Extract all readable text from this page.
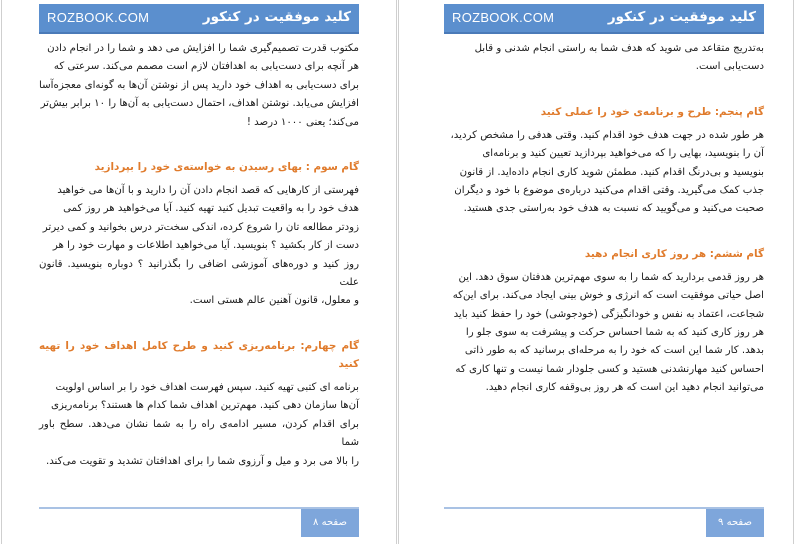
ROZBOOK.COM	کلید موفقیت در کنکور

مکتوب قدرت تصمیم‌گیری شما را افزایش می دهد و شما را در انجام دادن

هر آنچه برای دست‌یابی به اهدافتان لازم است مصمم می‌کند. سرعتی که

برای دست‌یابی به اهداف خود دارید پس از نوشتن آن‌ها به گونه‌ای معجزه‌آسا

افزایش می‌یابد. نوشتن اهداف، احتمال دست‌یابی به آن‌ها را ۱۰ برابر بیش‌تر

می‌کند؛ یعنی ۱۰۰۰ درصد !

گام سوم : بهای رسیدن به خواسته‌ی خود را بپردازید

فهرستی از کارهایی که قصد انجام دادن آن را دارید و با آن‌ها می خواهید

هدف خود را به واقعیت تبدیل کنید تهیه کنید. آیا می‌خواهید هر روز کمی

زودتر مطالعه تان را شروع کرده، اندکی سخت‌تر درس بخوانید و کمی دیرتر

دست از کار بکشید ؟ بنویسید. آیا می‌خواهید اطلاعات و مهارت خود را هر

روز کنید و دوره‌های آموزشی اضافی را بگذرانید ؟ دوباره بنویسید. قانون علت

و معلول، قانون آهنین عالم هستی است.

گام چهارم: برنامه‌ریزی کنید و طرح کامل اهداف خود را تهیه کنید

برنامه ای کتبی تهیه کنید. سپس فهرست اهداف خود را بر اساس اولویت

آن‌ها سازمان دهی کنید. مهم‌ترین اهداف شما کدام ها هستند؟ برنامه‌ریزی

برای اقدام کردن، مسیر ادامه‌ی راه را به شما نشان می‌دهد. سطح باور شما

را بالا می برد و میل و آرزوی شما را برای اهدافتان تشدید و تقویت می‌کند.

صفحه ۸
ROZBOOK.COM	کلید موفقیت در کنکور

به‌تدریج متقاعد می شوید که هدف شما به راستی انجام شدنی و قابل

دست‌یابی است.

گام پنجم: طرح و برنامه‌ی خود را عملی کنید

هر طور شده در جهت هدف خود اقدام کنید. وقتی هدفی را مشخص کردید،

آن را بنویسید، بهایی را که می‌خواهید بپردازید تعیین کنید و برنامه‌ای

بنویسید و بی‌درنگ اقدام کنید. مطمئن شوید کاری انجام داده‌اید. از قانون

جذب کمک می‌گیرید. وقتی اقدام می‌کنید درباره‌ی موضوع با خود و دیگران

صحبت می‌کنید و می‌گویید که نسبت به هدف خود به‌راستی جدی هستید.

گام ششم: هر روز کاری انجام دهید

هر روز قدمی بردارید که شما را به سوی مهم‌ترین هدفتان سوق دهد. این

اصل حیاتی موفقیت است که انرژی و خوش بینی ایجاد می‌کند. برای این‌که

شجاعت، اعتماد به نفس و خودانگیزگی (خودجوشی) خود را حفظ کنید باید

هر روز کاری کنید که به شما احساس حرکت و پیشرفت به سوی جلو را

بدهد. کار شما این است که خود را به مرحله‌ای برسانید که به طور ذاتی

احساس کنید مهارنشدنی هستید و کسی جلودار شما نیست و تنها کاری که

می‌توانید انجام دهید این است که هر روز بی‌وقفه کاری انجام دهید.

صفحه ۹
